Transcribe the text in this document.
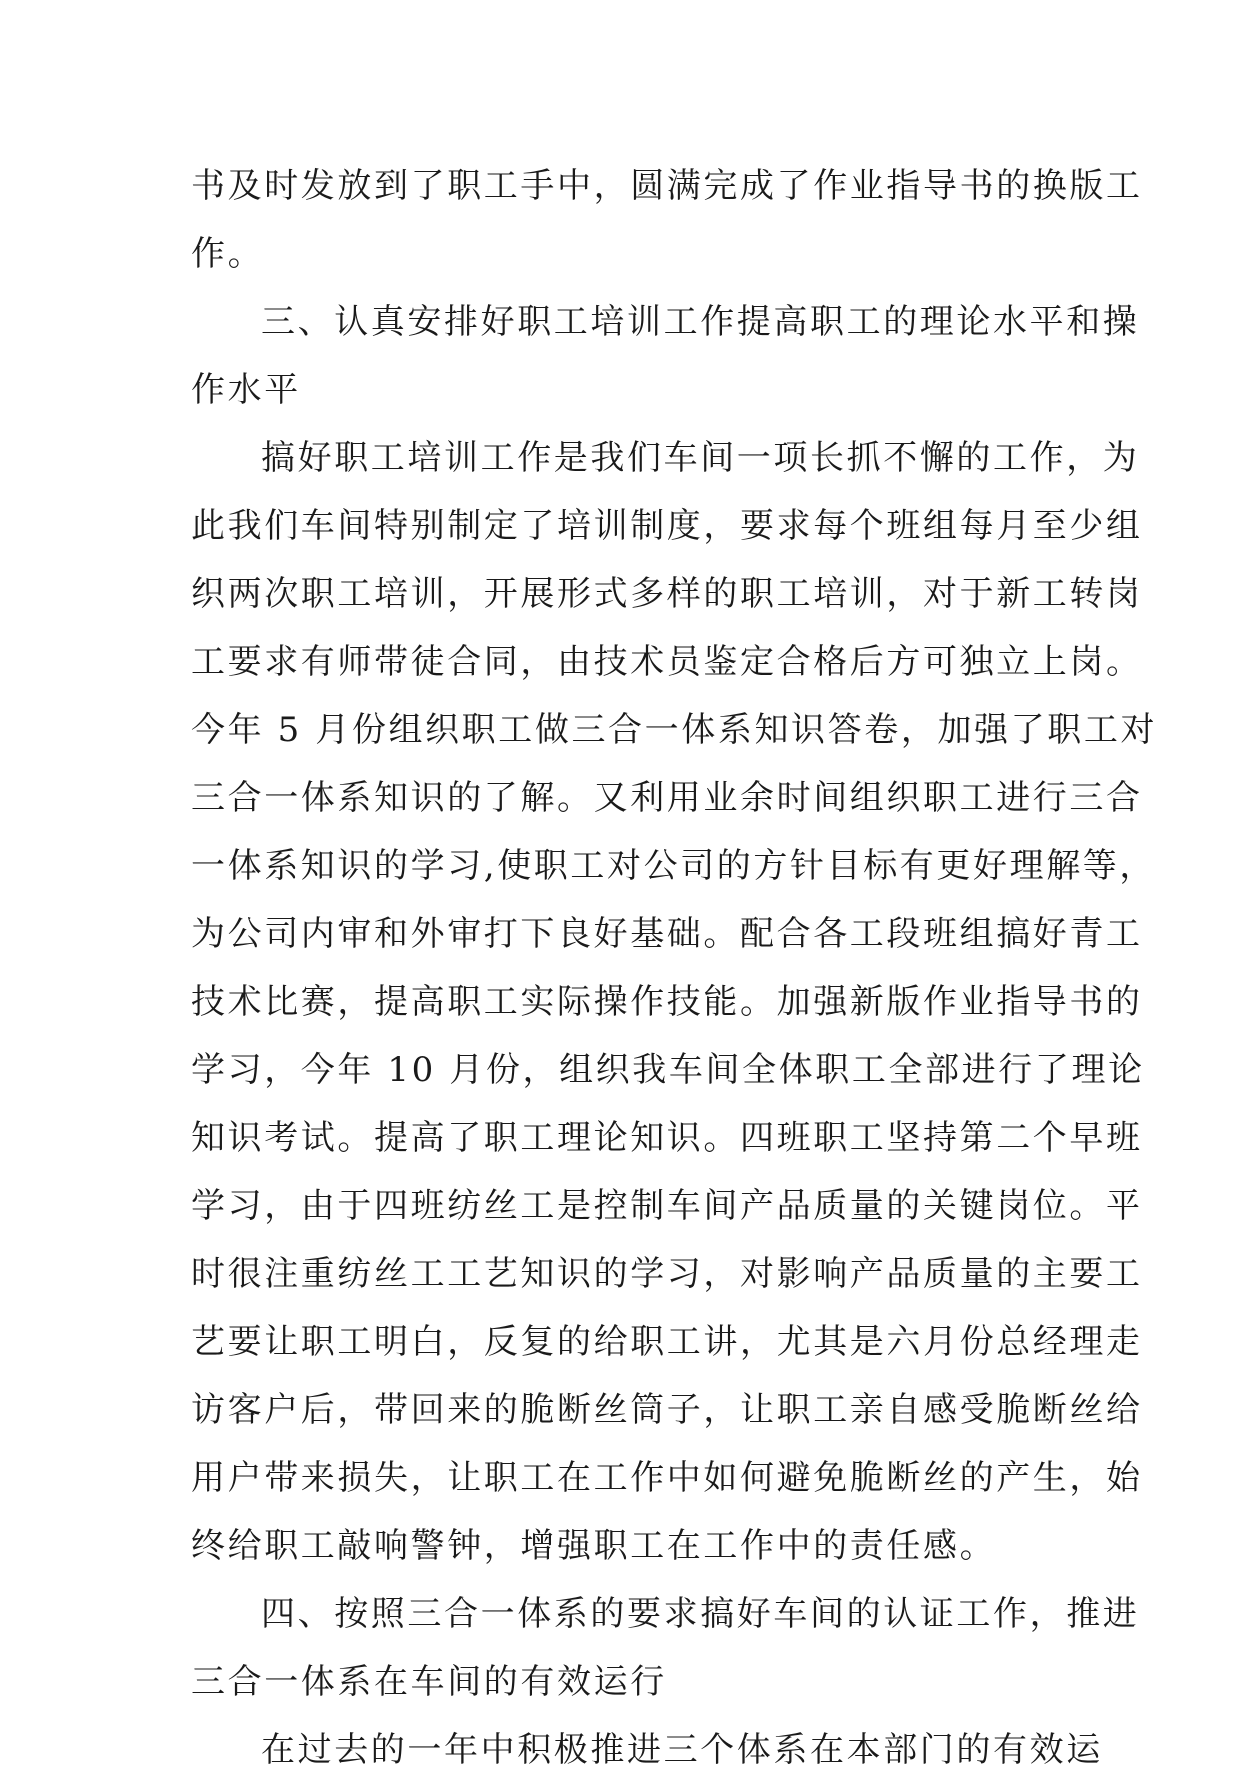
书及时发放到了职工手中，圆满完成了作业指导书的换版工
作。
三、认真安排好职工培训工作提高职工的理论水平和操
作水平
搞好职工培训工作是我们车间一项长抓不懈的工作，为
此我们车间特别制定了培训制度，要求每个班组每月至少组
织两次职工培训，开展形式多样的职工培训，对于新工转岗
工要求有师带徒合同，由技术员鉴定合格后方可独立上岗。
今年 5 月份组织职工做三合一体系知识答卷，加强了职工对
三合一体系知识的了解。又利用业余时间组织职工进行三合
一体系知识的学习,使职工对公司的方针目标有更好理解等，
为公司内审和外审打下良好基础。配合各工段班组搞好青工
技术比赛，提高职工实际操作技能。加强新版作业指导书的
学习，今年 10 月份，组织我车间全体职工全部进行了理论
知识考试。提高了职工理论知识。四班职工坚持第二个早班
学习，由于四班纺丝工是控制车间产品质量的关键岗位。平
时很注重纺丝工工艺知识的学习，对影响产品质量的主要工
艺要让职工明白，反复的给职工讲，尤其是六月份总经理走
访客户后，带回来的脆断丝筒子，让职工亲自感受脆断丝给
用户带来损失，让职工在工作中如何避免脆断丝的产生，始
终给职工敲响警钟，增强职工在工作中的责任感。
四、按照三合一体系的要求搞好车间的认证工作，推进
三合一体系在车间的有效运行
在过去的一年中积极推进三个体系在本部门的有效运
